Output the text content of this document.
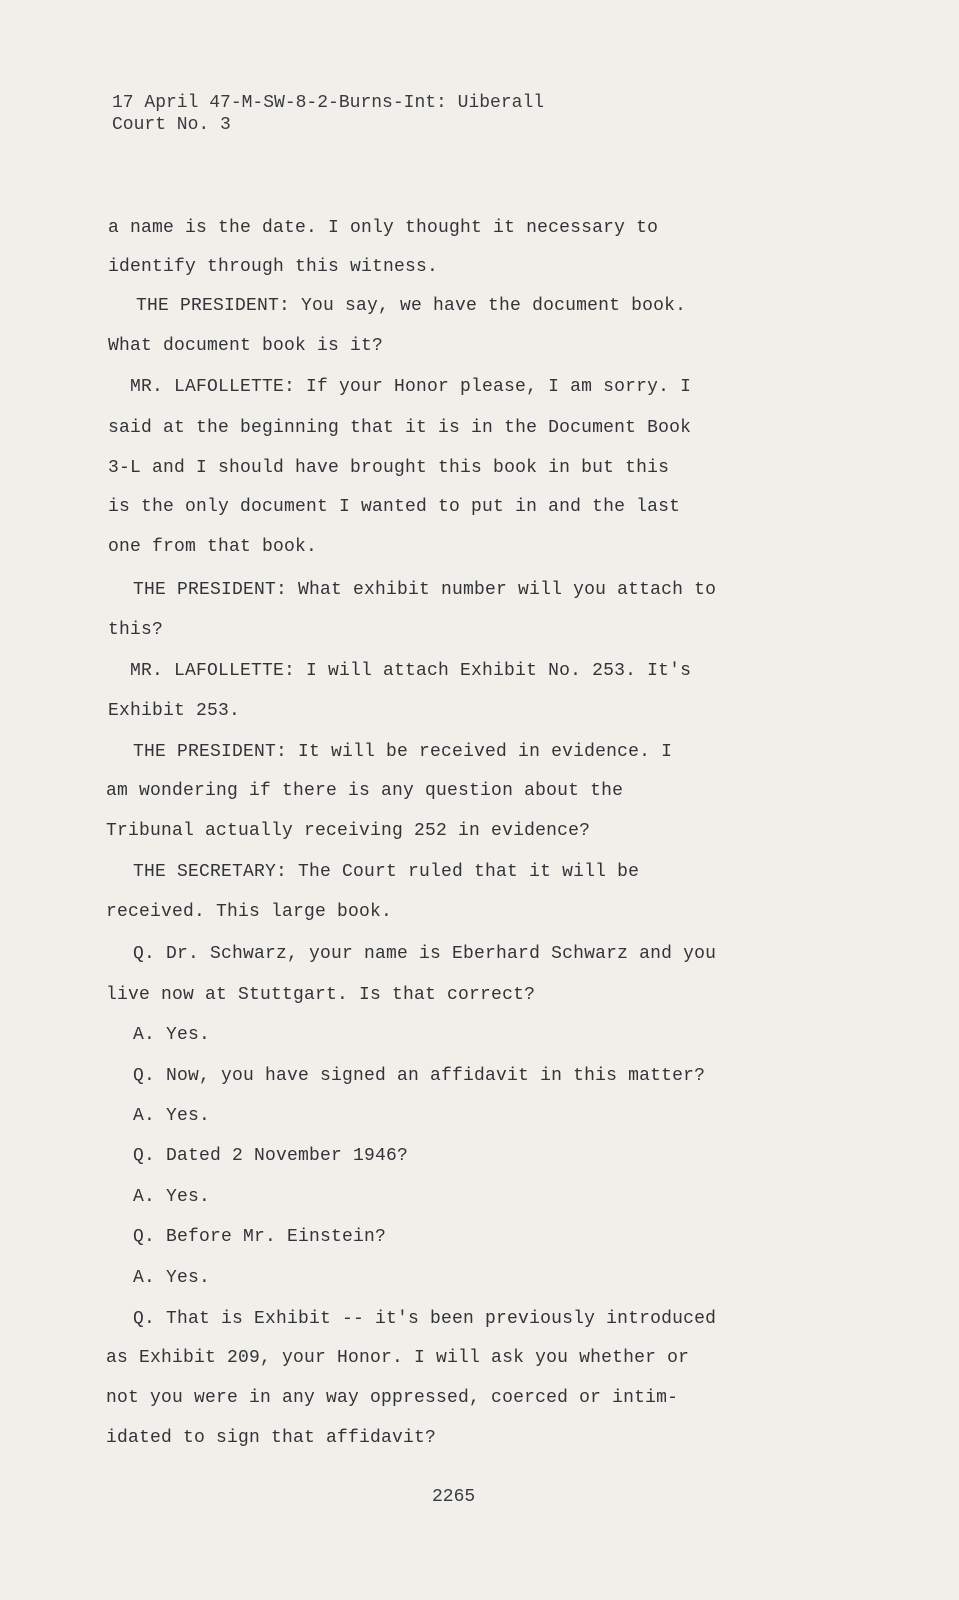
17 April 47-M-SW-8-2-Burns-Int: Uiberall
Court No. 3
a name is the date. I only thought it necessary to
identify through this witness.
THE PRESIDENT: You say, we have the document book.
What document book is it?
MR. LAFOLLETTE: If your Honor please, I am sorry. I
said at the beginning that it is in the Document Book
3-L and I should have brought this book in but this
is the only document I wanted to put in and the last
one from that book.
THE PRESIDENT: What exhibit number will you attach to
this?
MR. LAFOLLETTE: I will attach Exhibit No. 253. It's
Exhibit 253.
THE PRESIDENT: It will be received in evidence. I
am wondering if there is any question about the
Tribunal actually receiving 252 in evidence?
THE SECRETARY: The Court ruled that it will be
received. This large book.
Q. Dr. Schwarz, your name is Eberhard Schwarz and you
live now at Stuttgart. Is that correct?
A. Yes.
Q. Now, you have signed an affidavit in this matter?
A. Yes.
Q. Dated 2 November 1946?
A. Yes.
Q. Before Mr. Einstein?
A. Yes.
Q. That is Exhibit -- it's been previously introduced
as Exhibit 209, your Honor. I will ask you whether or
not you were in any way oppressed, coerced or intim-
idated to sign that affidavit?
2265
